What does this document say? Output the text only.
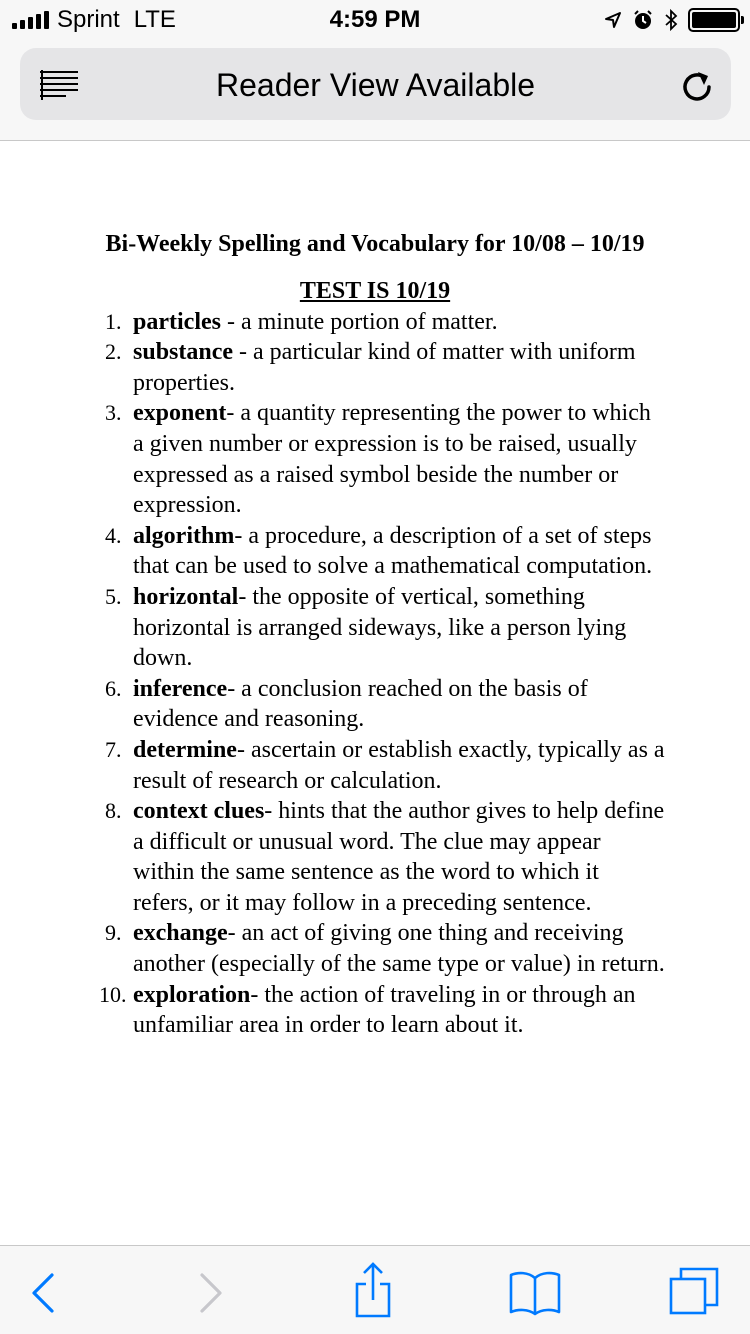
Sprint LTE	4:59 PM
Reader View Available
Bi-Weekly Spelling and Vocabulary for 10/08 – 10/19
TEST IS 10/19
1. particles - a minute portion of matter.
2. substance - a particular kind of matter with uniform properties.
3. exponent- a quantity representing the power to which a given number or expression is to be raised, usually expressed as a raised symbol beside the number or expression.
4. algorithm- a procedure, a description of a set of steps that can be used to solve a mathematical computation.
5. horizontal- the opposite of vertical, something horizontal is arranged sideways, like a person lying down.
6. inference- a conclusion reached on the basis of evidence and reasoning.
7. determine- ascertain or establish exactly, typically as a result of research or calculation.
8. context clues- hints that the author gives to help define a difficult or unusual word. The clue may appear within the same sentence as the word to which it refers, or it may follow in a preceding sentence.
9. exchange- an act of giving one thing and receiving another (especially of the same type or value) in return.
10. exploration- the action of traveling in or through an unfamiliar area in order to learn about it.
